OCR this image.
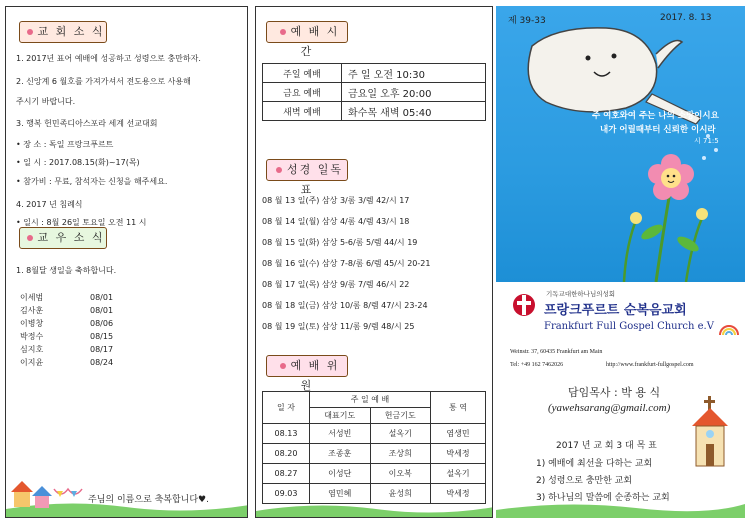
교 회 소 식
1. 2017년 표어 예배에 성공하고 성령으로 충만하자.
2. 신앙계 6 월호를 가져가셔서 전도용으로 사용해
주시기 바랍니다.
3. 행복 헌민족디아스포라 세계 선교대회
• 장 소 : 독일 프랑크푸르트
• 일 시 : 2017.08.15(화)~17(목)
• 참가비 : 무료, 참석자는 신청을 해주세요.
4. 2017 년 침례식
• 일시 : 8월 26일 토요일 오전 11 시
교 우 소 식
1. 8월달 생일을 축하합니다.
이세범	08/01
김사훈	08/01
이병창	08/06
박정수	08/15
심지호	08/17
이지윤	08/24
주님의 이름으로 축복합니다♥.
예 배 시 간
주일 예배	주 일 오전 10:30
금요 예배	금요일 오후 20:00
새벽 예배	화수목 새벽 05:40
성경 일독표
08 월 13 일(주) 삼상 3/롬 3/렘 42/시 17
08 월 14 일(월) 삼상 4/롬 4/렘 43/시 18
08 월 15 일(화) 삼상 5-6/롬 5/렘 44/시 19
08 월 16 일(수) 삼상 7-8/롬 6/렘 45/시 20-21
08 월 17 일(목) 삼상 9/롬 7/렘 46/시 22
08 월 18 일(금) 삼상 10/롬 8/렘 47/시 23-24
08 월 19 일(토) 삼상 11/롬 9/렘 48/시 25
예 배 위 원
일 자	주 일 예 배		통 역
	대표기도	헌금기도	
08.13	서성빈	설옥기	염생민
08.20	조종훈	조상희	박세정
08.27	이성단	이오복	설옥기
09.03	염민혜	윤성희	박세정
제 39-33	2017. 8. 13
주 여호와여 주는 나의 소망이시요
내가 어릴때부터 신뢰한 이시라
시 71:5
기독교대한하나님의성회
프랑크푸르트 순복음교회
Frankfurt Full Gospel Church e.V
Weinstr. 37, 60435 Frankfurt am Main
Tel: +49 162 7462026	http://www.frankfurt-fullgospel.com
담임목사 : 박 용 식
(yawehsarang@gmail.com)
2017 년 교 회 3 대 목 표
1) 예배에 최선을 다하는 교회
2) 성령으로 충만한 교회
3) 하나님의 말씀에 순종하는 교회
